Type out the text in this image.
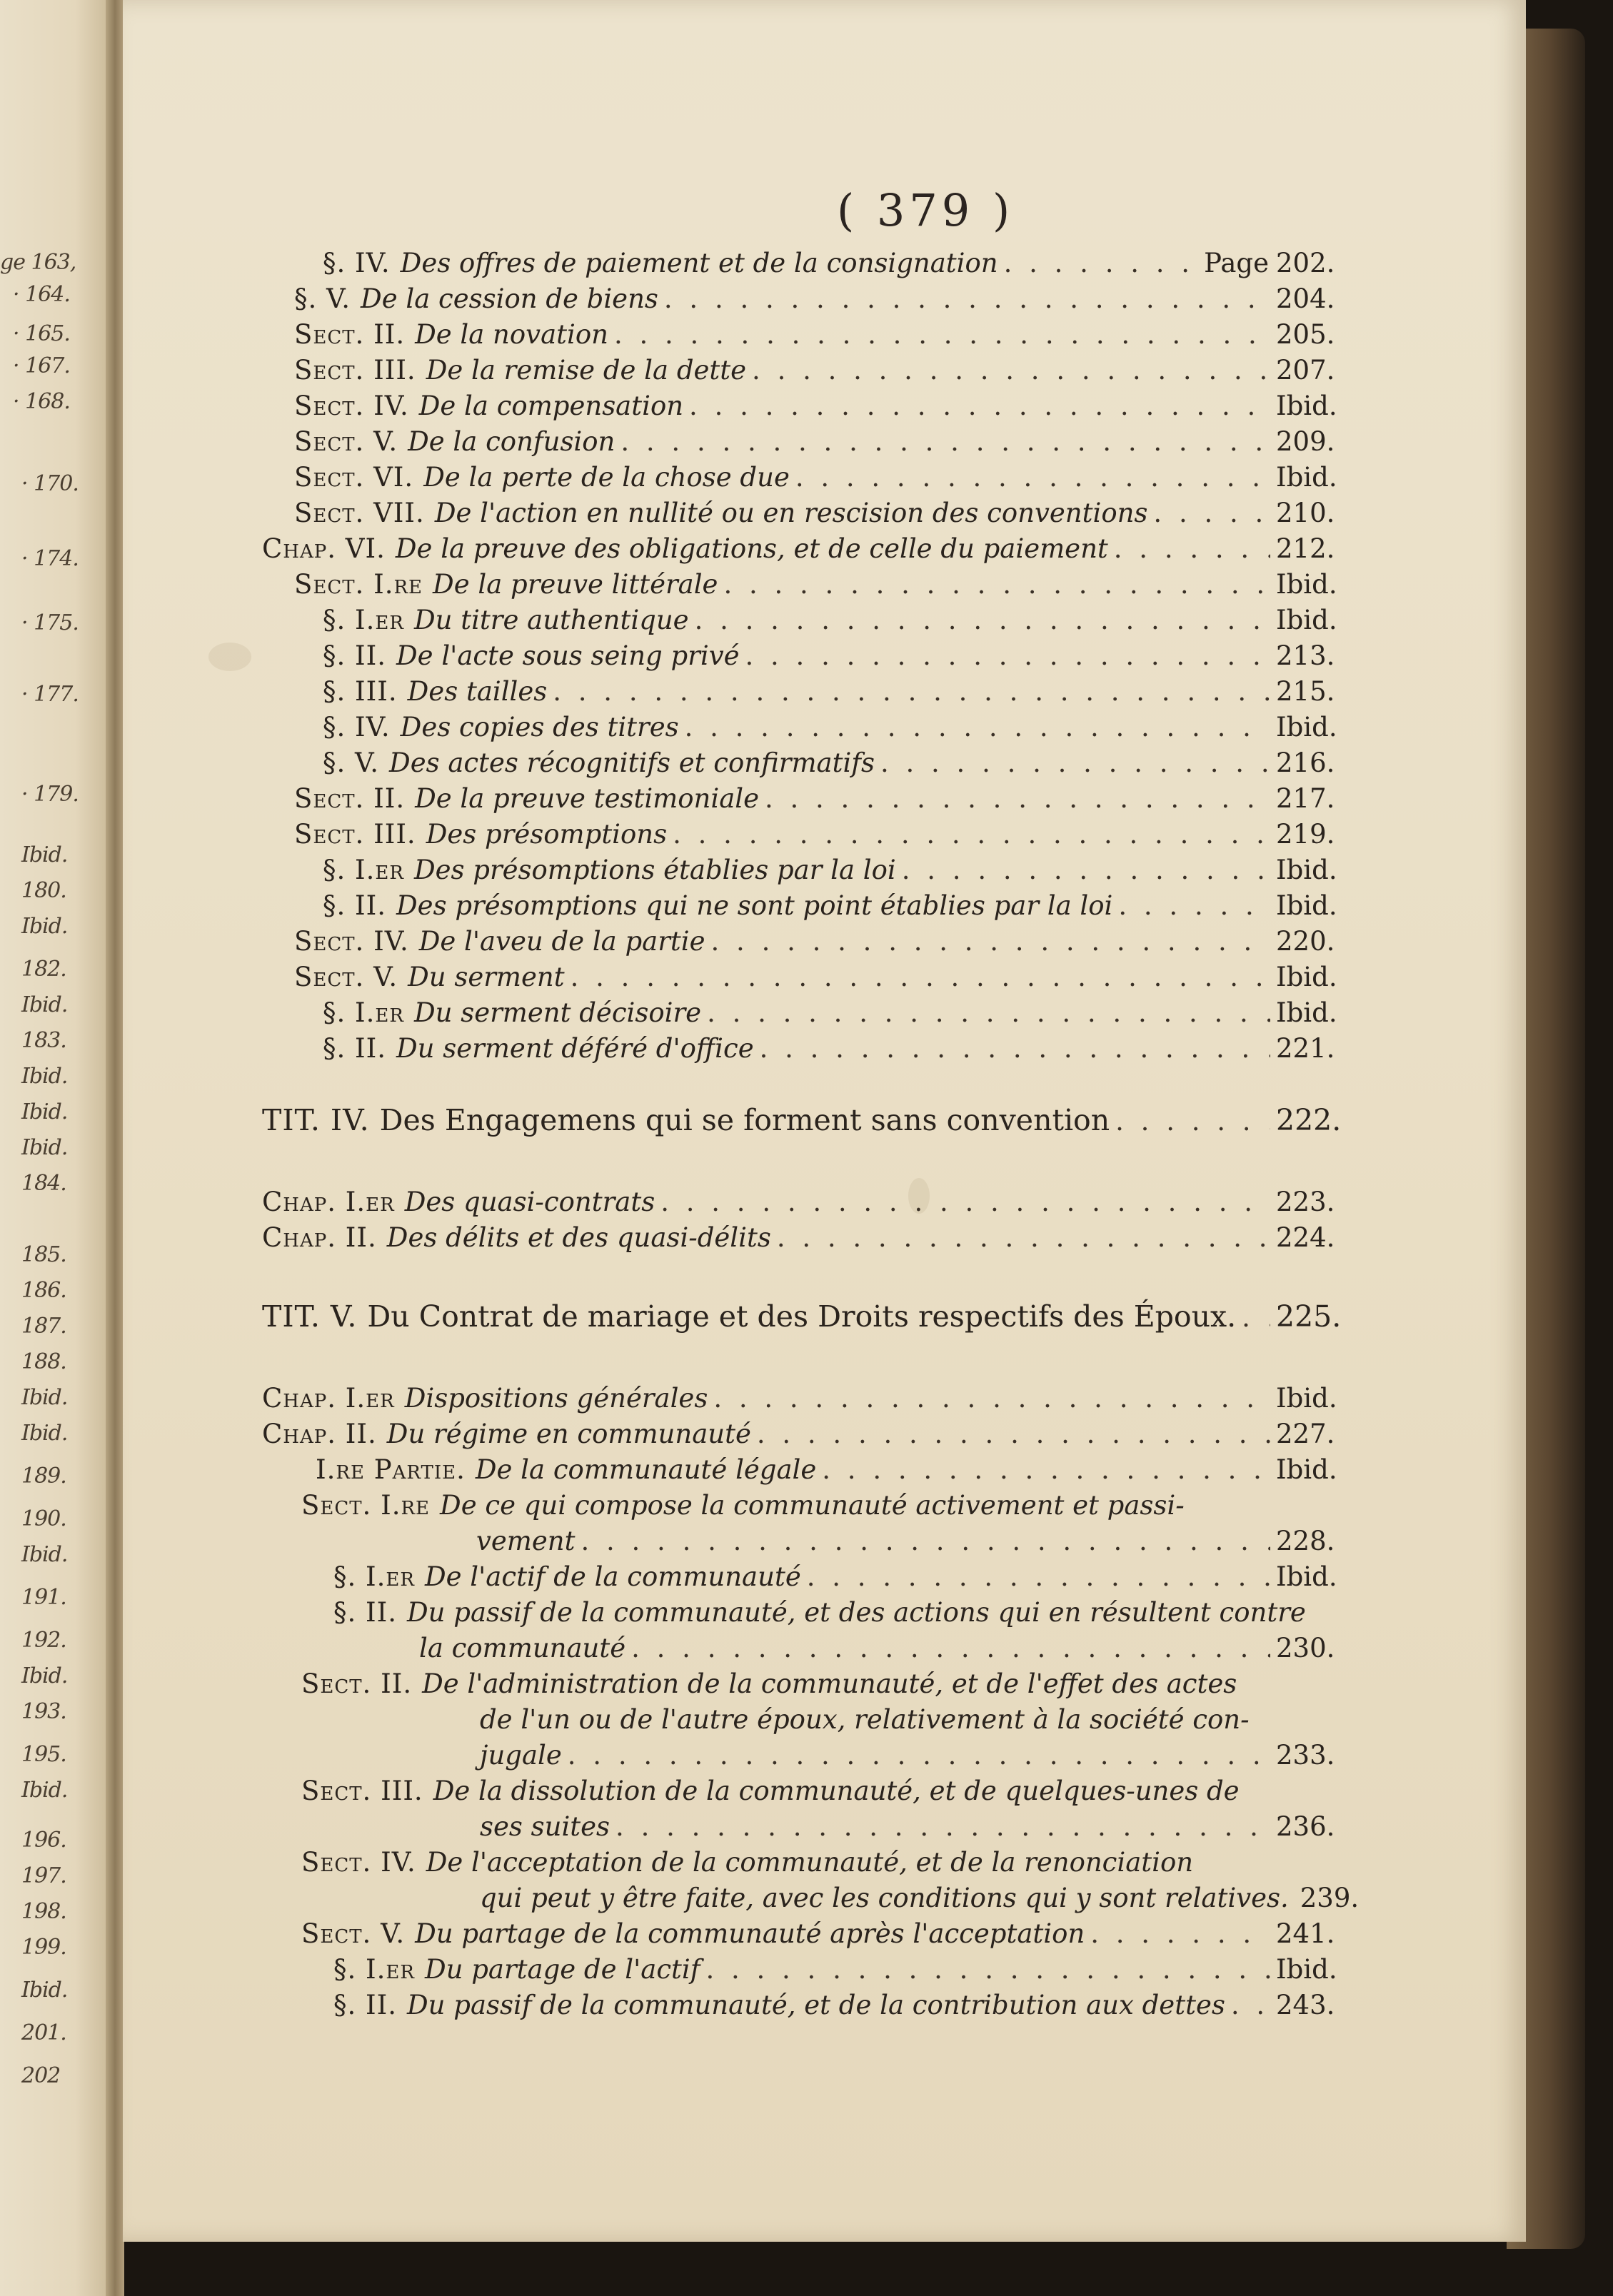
ge 163,
· 164.
· 165.
· 167.
· 168.
· 170.
· 174.
· 175.
· 177.
· 179.
Ibid.
180.
Ibid.
182.
Ibid.
183.
Ibid.
Ibid.
Ibid.
184.
185.
186.
187.
188.
Ibid.
Ibid.
189.
190.
Ibid.
191.
192.
Ibid.
193.
195.
Ibid.
196.
197.
198.
199.
Ibid.
201.
202
( 379 )
§. IV. Des offres de paiement et de la consignation . . .	Page 202.
§. V. De la cession de biens . . .	204.
Sect. II. De la novation . . .	205.
Sect. III. De la remise de la dette . . .	207.
Sect. IV. De la compensation . . .	Ibid.
Sect. V. De la confusion . . .	209.
Sect. VI. De la perte de la chose due . . .	Ibid.
Sect. VII. De l'action en nullité ou en rescision des conventions . . .	210.
Chap. VI. De la preuve des obligations, et de celle du paiement . . .	212.
Sect. I.re De la preuve littérale . . .	Ibid.
§. I.er Du titre authentique . . .	Ibid.
§. II. De l'acte sous seing privé . . .	213.
§. III. Des tailles . . .	215.
§. IV. Des copies des titres . . .	Ibid.
§. V. Des actes récognitifs et confirmatifs . . .	216.
Sect. II. De la preuve testimoniale . . .	217.
Sect. III. Des présomptions . . .	219.
§. I.er Des présomptions établies par la loi . . .	Ibid.
§. II. Des présomptions qui ne sont point établies par la loi . . .	Ibid.
Sect. IV. De l'aveu de la partie . . .	220.
Sect. V. Du serment . . .	Ibid.
§. I.er Du serment décisoire . . .	Ibid.
§. II. Du serment déféré d'office . . .	221.
TIT. IV. Des Engagemens qui se forment sans convention . . .	222.
Chap. I.er Des quasi-contrats . . .	223.
Chap. II. Des délits et des quasi-délits . . .	224.
TIT. V. Du Contrat de mariage et des Droits respectifs des Époux. . . . 225.
Chap. I.er Dispositions générales . . .	Ibid.
Chap. II. Du régime en communauté . . .	227.
I.re Partie. De la communauté légale . . .	Ibid.
Sect. I.re De ce qui compose la communauté activement et passi-
vement . . .	228.
§. I.er De l'actif de la communauté . . .	Ibid.
§. II. Du passif de la communauté, et des actions qui en résultent contre
la communauté . . .	230.
Sect. II. De l'administration de la communauté, et de l'effet des actes
de l'un ou de l'autre époux, relativement à la société con-
jugale . . .	233.
Sect. III. De la dissolution de la communauté, et de quelques-unes de
ses suites . . .	236.
Sect. IV. De l'acceptation de la communauté, et de la renonciation
qui peut y être faite, avec les conditions qui y sont relatives. 239.
Sect. V. Du partage de la communauté après l'acceptation . . .	241.
§. I.er Du partage de l'actif . . .	Ibid.
§. II. Du passif de la communauté, et de la contribution aux dettes . . . 243.
